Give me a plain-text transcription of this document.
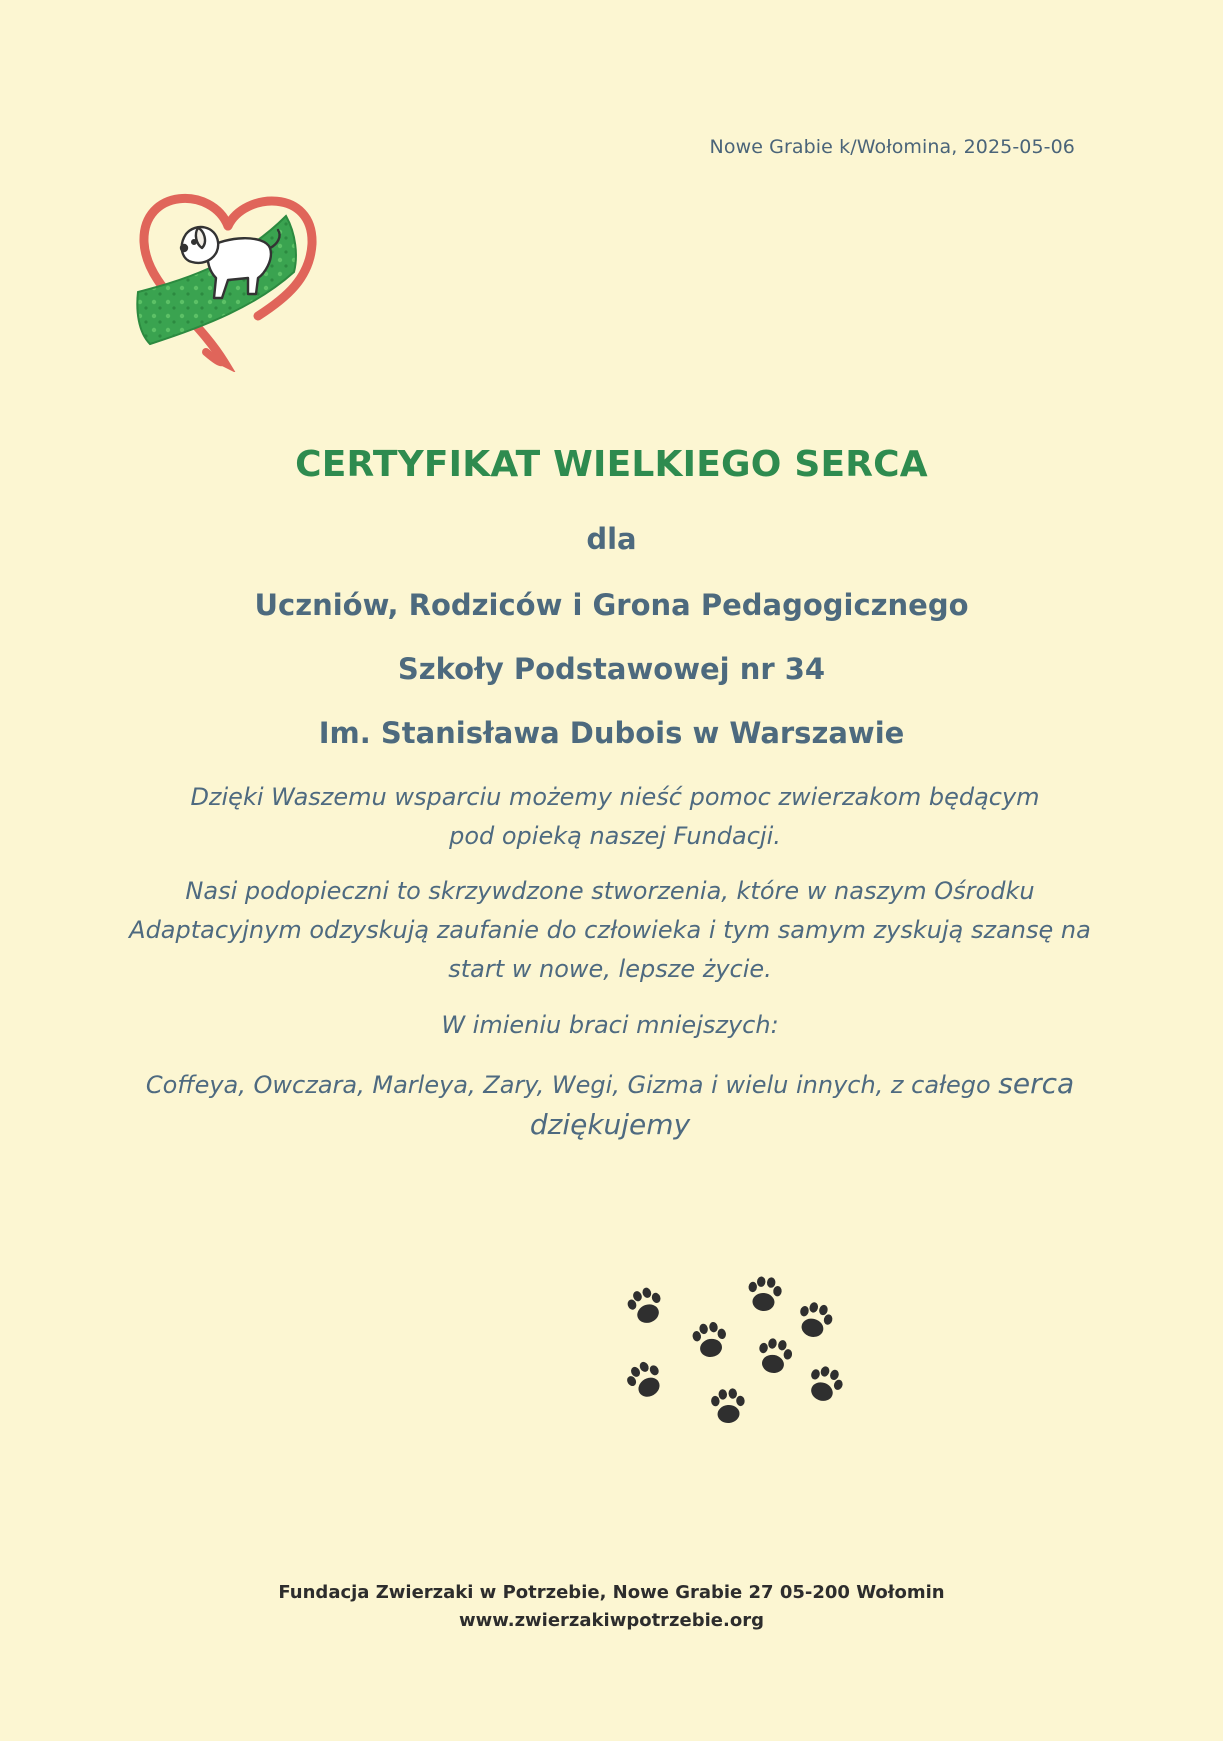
Nowe Grabie k/Wołomina, 2025-05-06
CERTYFIKAT WIELKIEGO SERCA
dla
Uczniów, Rodziców i Grona Pedagogicznego
Szkoły Podstawowej nr 34
Im. Stanisława Dubois w Warszawie
Dzięki Waszemu wsparciu możemy nieść pomoc zwierzakom będącym pod opieką naszej Fundacji.
Nasi podopieczni to skrzywdzone stworzenia, które w naszym Ośrodku Adaptacyjnym odzyskują zaufanie do człowieka i tym samym zyskują szansę na start w nowe, lepsze życie.
W imieniu braci mniejszych:
Coffeya, Owczara, Marleya, Zary, Wegi, Gizma i wielu innych, z całego serca
dziękujemy
Fundacja Zwierzaki w Potrzebie, Nowe Grabie 27 05-200 Wołomin
www.zwierzakiwpotrzebie.org
